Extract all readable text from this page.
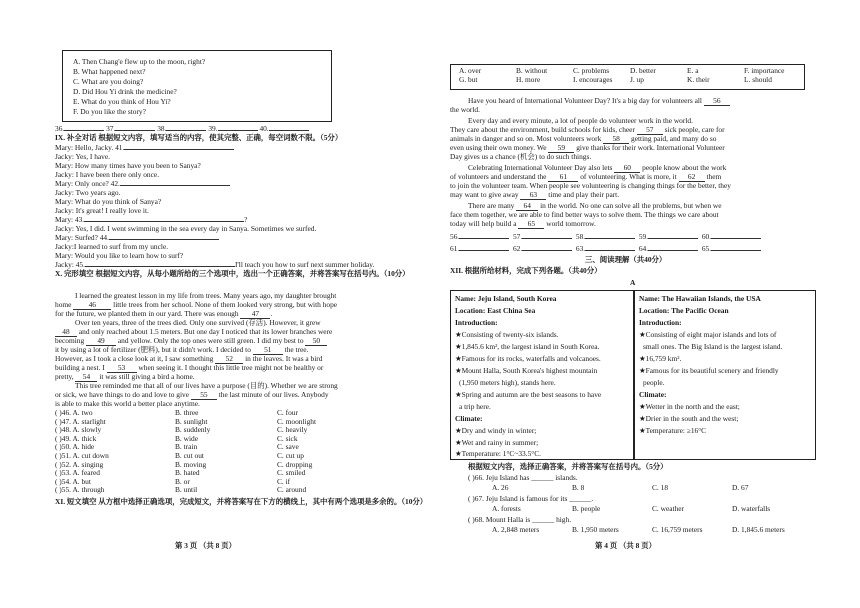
A. Then Chang'e flew up to the moon, right?
B. What happened next?
C. What are you doing?
D. Did Hou Yi drink the medicine?
E. What do you think of Hou Yi?
F. Do you like the story?
36.	37.	38.	39.	40.
IX. 补全对话 根据短文内容，填写适当的内容，使其完整、正确，每空词数不限。（5分）
Mary: Hello, Jacky. 41.
Jacky: Yes, I have.
Mary: How many times have you been to Sanya?
Jacky: I have been there only once.
Mary: Only once? 42.
Jacky: Two years ago.
Mary: What do you think of Sanya?
Jacky: It's great! I really love it.
Mary: 43.	?
Jacky: Yes, I did. I went swimming in the sea every day in Sanya. Sometimes we surfed.
Mary: Surfed? 44.
Jacky:I learned to surf from my uncle.
Mary: Would you like to learn how to surf?
Jacky: 45.	I'll teach you how to surf next summer holiday.
X. 完形填空 根据短文内容，从每小题所给的三个选项中，选出一个正确答案，并将答案写在括号内。（10分）
I learned the greatest lesson in my life from trees. Many years ago, my daughter brought
home 46 little trees from her school. None of them looked very strong, but with hope
for the future, we planted them in our yard. There was enough 47 .
Over ten years, three of the trees died. Only one survived (存活). However, it grew
48 and only reached about 1.5 meters. But one day I noticed that its lower branches were
becoming 49 and yellow. Only the top ones were still green. I did my best to 50
it by using a lot of fertilizer (肥料), but it didn't work. I decided to 51 the tree.
However, as I took a close look at it, I saw something 52 in the leaves. It was a bird
building a nest. I 53 when seeing it. I thought this little tree might not be healthy or
pretty, 54 it was still giving a bird a home.
This tree reminded me that all of our lives have a purpose (目的). Whether we are strong
or sick, we have things to do and love to give 55 the last minute of our lives. Anybody
is able to make this world a better place anytime.
( )46. A. two	B. three	C. four
( )47. A. starlight	B. sunlight	C. moonlight
( )48. A. slowly	B. suddenly	C. heavily
( )49. A. thick	B. wide	C. sick
( )50. A. hide	B. train	C. save
( )51. A. cut down	B. cut out	C. cut up
( )52. A. singing	B. moving	C. dropping
( )53. A. feared	B. hated	C. smiled
( )54. A. but	B. or	C. if
( )55. A. through	B. until	C. around
XI. 短文填空 从方框中选择正确选项，完成短文，并将答案写在下方的横线上，其中有两个选项是多余的。（10分）
第 3 页 （共 8 页）
A. over	B. without	C. problems	D. better	E. a	F. importance
G. but	H. more	I. encourages	J. up	K. their	L. should
Have you heard of International Volunteer Day? It's a big day for volunteers all 56
the world.
Every day and every minute, a lot of people do volunteer work in the world.
They care about the environment, build schools for kids, cheer 57 sick people, care for
animals in danger and so on. Most volunteers work 58 getting paid, and many do so
even using their own money. We 59 give thanks for their work. International Volunteer
Day gives us a chance (机会) to do such things.
Celebrating International Volunteer Day also lets 60 people know about the work
of volunteers and understand the 61 of volunteering. What is more, it 62 them
to join the volunteer team. When people see volunteering is changing things for the better, they
may want to give away 63 time and play their part.
There are many 64 in the world. No one can solve all the problems, but when we
face them together, we are able to find better ways to solve them. The things we care about
today will help build a 65 world tomorrow.
56.	57.	58.	59.	60.
61.	62.	63.	64.	65.
三、阅读理解（共40分）
XII. 根据所给材料，完成下列各题。（共40分）
A
Name: Jeju Island, South Korea
Location: East China Sea
Introduction:
★Consisting of twenty-six islands.
★1,845.6 km², the largest island in South Korea.
★Famous for its rocks, waterfalls and volcanoes.
★Mount Halla, South Korea's highest mountain
(1,950 meters high), stands here.
★Spring and autumn are the best seasons to have
a trip here.
Climate:
★Dry and windy in winter;
★Wet and rainy in summer;
★Temperature: 1°C~33.5°C.
Name: The Hawaiian Islands, the USA
Location: The Pacific Ocean
Introduction:
★Consisting of eight major islands and lots of
small ones. The Big Island is the largest island.
★16,759 km².
★Famous for its beautiful scenery and friendly
people.
Climate:
★Wetter in the north and the east;
★Drier in the south and the west;
★Temperature: ≥16°C
根据短文内容，选择正确答案，并将答案写在括号内。（5分）
( )66. Jeju Island has ______ islands.
A. 26	B. 8	C. 18	D. 67
( )67. Jeju Island is famous for its ______.
A. forests	B. people	C. weather	D. waterfalls
( )68. Mount Halla is ______ high.
A. 2,848 meters	B. 1,950 meters	C. 16,759 meters	D. 1,845.6 meters
第 4 页 （共 8 页）
